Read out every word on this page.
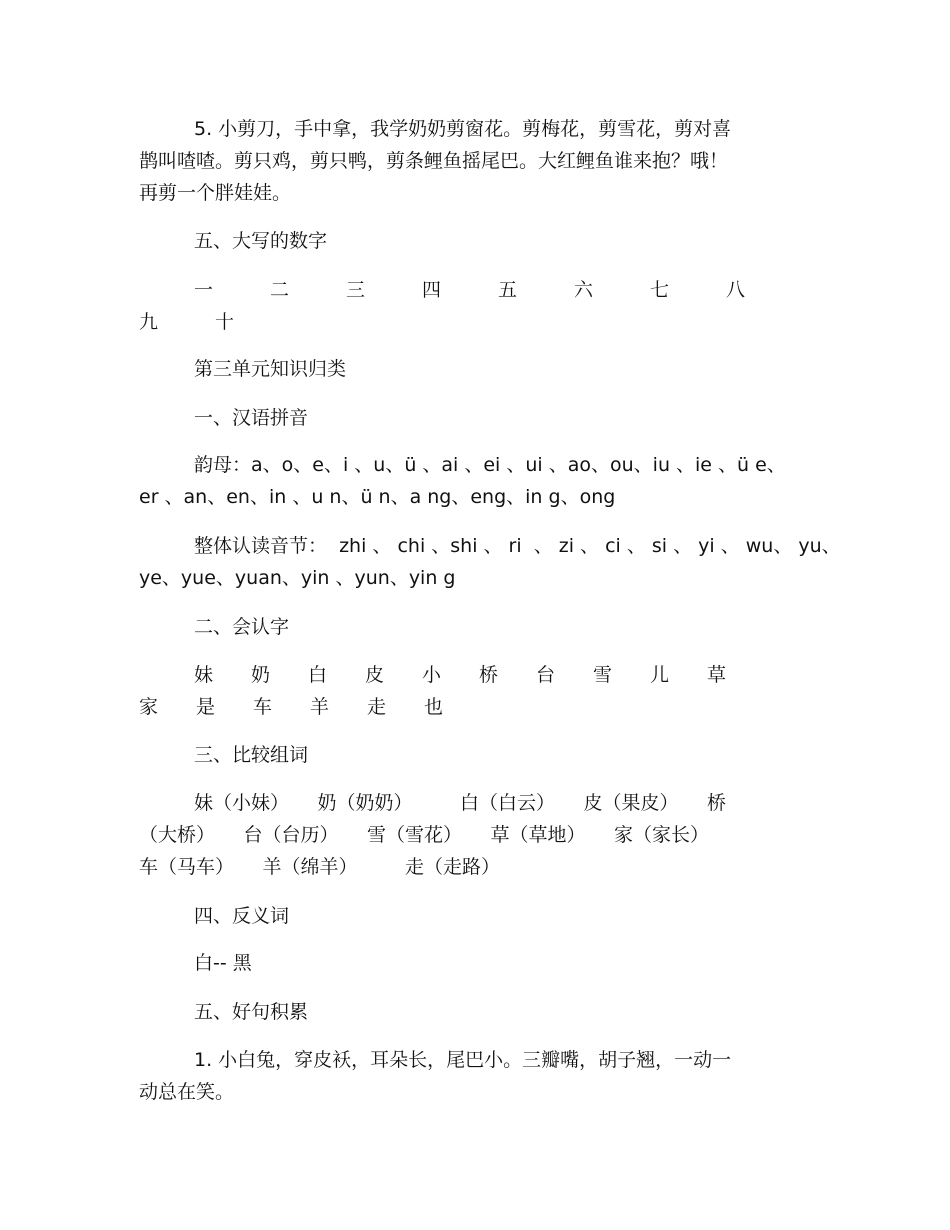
5. 小剪刀，手中拿，我学奶奶剪窗花。剪梅花，剪雪花，剪对喜
鹊叫喳喳。剪只鸡，剪只鸭，剪条鲤鱼摇尾巴。大红鲤鱼谁来抱？哦！
再剪一个胖娃娃。
五、大写的数字
一　　　二　　　三　　　四　　　五　　　六　　　七　　　八
九　　　十
第三单元知识归类
一、汉语拼音
韵母：a、o、e、i 、u、ü 、ai 、ei 、ui 、ao、ou、iu 、ie 、ü e、
er 、an、en、in 、u n、ü n、a ng、eng、in g、ong
整体认读音节：  zhi 、 chi 、shi 、 ri  、 zi 、 ci 、 si 、 yi 、 wu、 yu、
ye、yue、yuan、yin 、yun、yin g
二、会认字
妹　　奶　　白　　皮　　小　　桥　　台　　雪　　儿　　草
家　　是　　车　　羊　　走　　也
三、比较组词
妹（小妹）　　奶（奶奶）　　　白（白云）　　皮（果皮）　　桥
（大桥）　　台（台历）　　雪（雪花）　　草（草地）　　家（家长）
车（马车）　　羊（绵羊）　　　走（走路）
四、反义词
白-- 黑
五、好句积累
1. 小白兔，穿皮袄，耳朵长，尾巴小。三瓣嘴，胡子翘，一动一
动总在笑。
